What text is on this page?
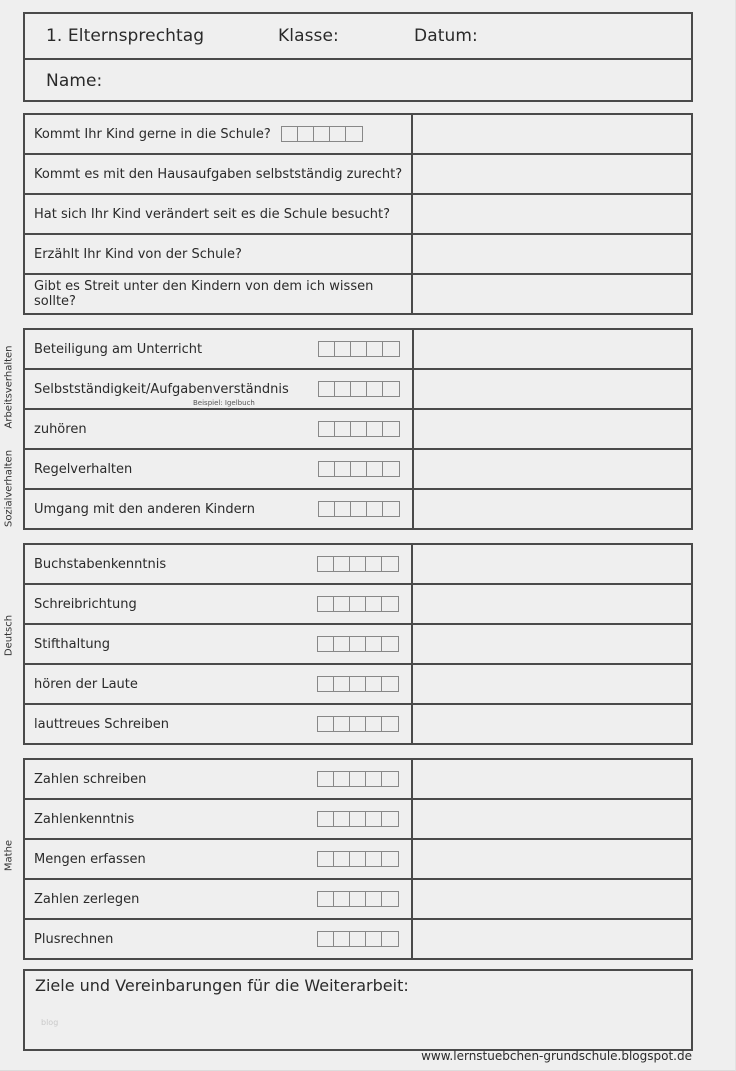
1. Elternsprechtag	Klasse:	Datum:
Name:
Kommt Ihr Kind gerne in die Schule?	

Kommt es mit den Hausaufgaben selbstständig zurecht?	
Hat sich Ihr Kind verändert seit es die Schule besucht?	
Erzählt Ihr Kind von der Schule?	
Gibt es Streit unter den Kindern von dem ich wissen sollte?	
Arbeitsverhalten
Sozialverhalten
Beteiligung am Unterricht	

Selbstständigkeit/Aufgabenverständnis
Beispiel: Igelbuch	

zuhören	

Regelverhalten	

Umgang mit den anderen Kindern	

Deutsch
Buchstabenkenntnis	

Schreibrichtung	

Stifthaltung	

hören der Laute	

lauttreues Schreiben	

Mathe
Zahlen schreiben	

Zahlenkenntnis	

Mengen erfassen	

Zahlen zerlegen	

Plusrechnen	

Ziele und Vereinbarungen für die Weiterarbeit:
blog
www.lernstuebchen-grundschule.blogspot.de
